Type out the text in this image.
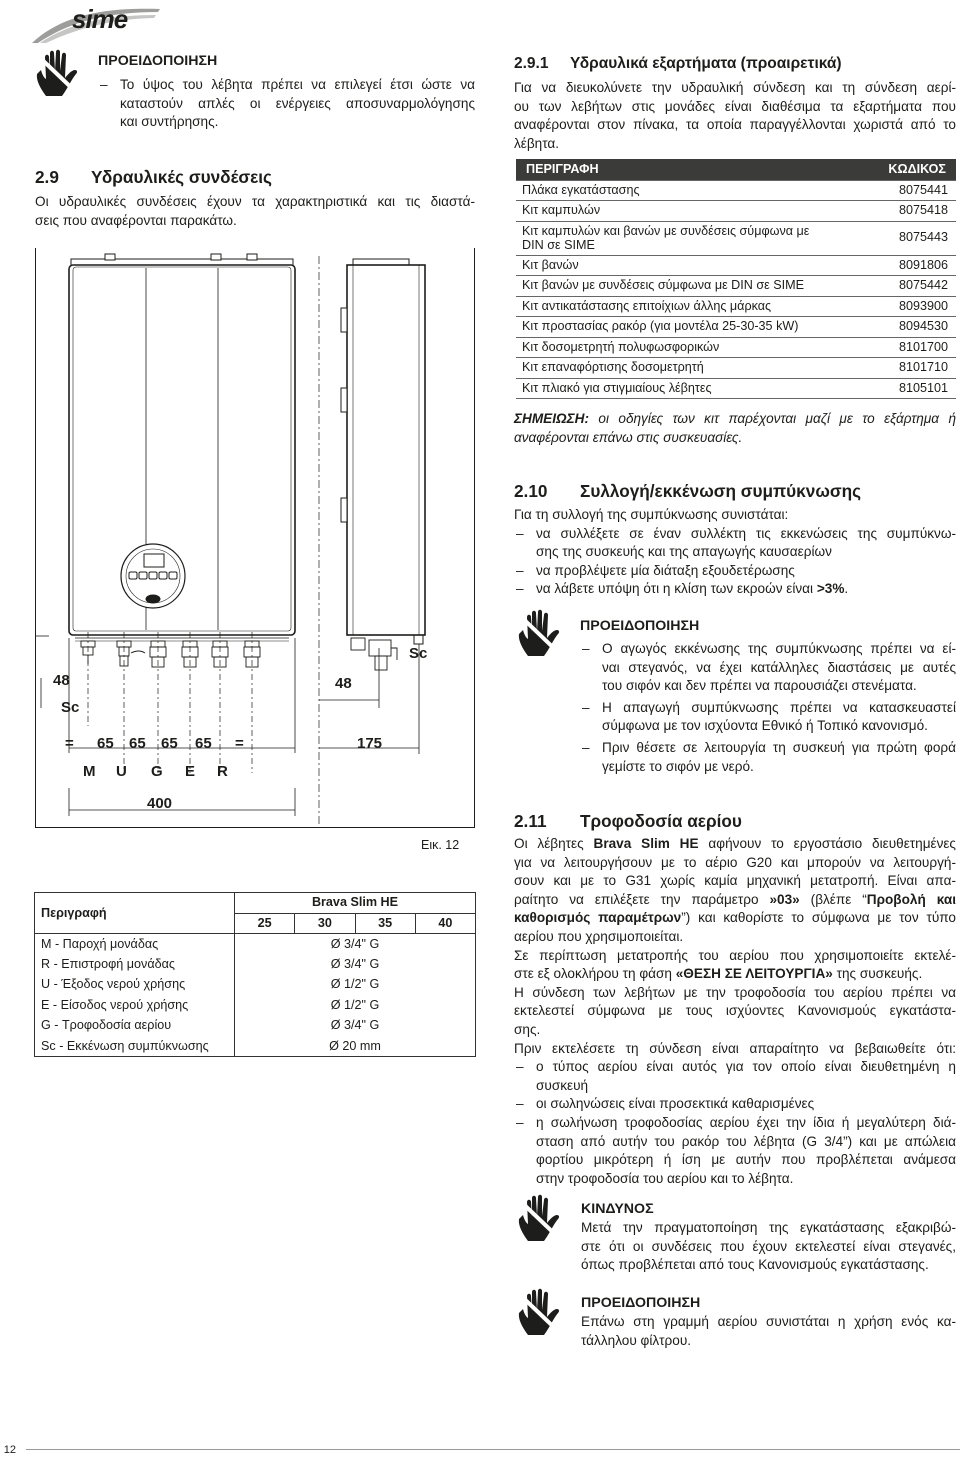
sime
ΠΡΟΕΙΔΟΠΟΙΗΣΗ
– Το ύψος του λέβητα πρέπει να επιλεγεί έτσι ώστε να
καταστούν απλές οι ενέργειες αποσυναρμολόγησης
και συντήρησης.
2.9 Υδραυλικές συνδέσεις
Οι υδραυλικές συνδέσεις έχουν τα χαρακτηριστικά και τις διαστά-
σεις που αναφέρονται παρακάτω.
48
Sc
= 65 65 65 65 =
M U G E R
400
48
Sc
175
Εικ. 12
Περιγραφή	Brava Slim HE			
	25	30	35	40
M - Παροχή μονάδας	Ø 3/4" G			
R - Επιστροφή μονάδας	Ø 3/4" G			
U - Έξοδος νερού χρήσης	Ø 1/2" G			
E - Είσοδος νερού χρήσης	Ø 1/2" G			
G - Τροφοδοσία αερίου	Ø 3/4" G			
Sc - Εκκένωση συμπύκνωσης	Ø 20 mm			
2.9.1 Υδραυλικά εξαρτήματα (προαιρετικά)
Για να διευκολύνετε την υδραυλική σύνδεση και τη σύνδεση αερί-
ου των λεβήτων στις μονάδες είναι διαθέσιμα τα εξαρτήματα που
αναφέρονται στον πίνακα, τα οποία παραγγέλλονται χωριστά από το
λέβητα.
ΠΕΡΙΓΡΑΦΗ	ΚΩΔΙΚΟΣ
Πλάκα εγκατάστασης	8075441
Κιτ καμπυλών	8075418
Κιτ καμπυλών και βανών με συνδέσεις σύμφωνα με DIN σε SIME	8075443
Κιτ βανών	8091806
Κιτ βανών με συνδέσεις σύμφωνα με DIN σε SIME	8075442
Κιτ αντικατάστασης επιτοίχιων άλλης μάρκας	8093900
Κιτ προστασίας ρακόρ (για μοντέλα 25-30-35 kW)	8094530
Κιτ δοσομετρητή πολυφωσφορικών	8101700
Κιτ επαναφόρτισης δοσομετρητή	8101710
Κιτ πλιακό για στιγμιαίους λέβητες	8105101
ΣΗΜΕΙΩΣΗ: οι οδηγίες των κιτ παρέχονται μαζί με το εξάρτημα ή
αναφέρονται επάνω στις συσκευασίες.
2.10 Συλλογή/εκκένωση συμπύκνωσης
Για τη συλλογή της συμπύκνωσης συνιστάται:
– να συλλέξετε σε έναν συλλέκτη τις εκκενώσεις της συμπύκνω-
σης της συσκευής και της απαγωγής καυσαερίων
– να προβλέψετε μία διάταξη εξουδετέρωσης
– να λάβετε υπόψη ότι η κλίση των εκροών είναι >3%.
ΠΡΟΕΙΔΟΠΟΙΗΣΗ
– Ο αγωγός εκκένωσης της συμπύκνωσης πρέπει να εί-
ναι στεγανός, να έχει κατάλληλες διαστάσεις με αυτές
του σιφόν και δεν πρέπει να παρουσιάζει στενέματα.
– Η απαγωγή συμπύκνωσης πρέπει να κατασκευαστεί
σύμφωνα με τον ισχύοντα Εθνικό ή Τοπικό κανονισμό.
– Πριν θέσετε σε λειτουργία τη συσκευή για πρώτη φορά
γεμίστε το σιφόν με νερό.
2.11 Τροφοδοσία αερίου
Οι λέβητες Brava Slim HE αφήνουν το εργοστάσιο διευθετημένες
για να λειτουργήσουν με το αέριο G20 και μπορούν να λειτουργή-
σουν και με το G31 χωρίς καμία μηχανική μετατροπή. Είναι απα-
ραίτητο να επιλέξετε την παράμετρο »03» (βλέπε “Προβολή και
καθορισμός παραμέτρων”) και καθορίστε το σύμφωνα με τον τύπο
αερίου που χρησιμοποιείται.
Σε περίπτωση μετατροπής του αερίου που χρησιμοποιείτε εκτελέ-
στε εξ ολοκλήρου τη φάση «ΘΕΣΗ ΣΕ ΛΕΙΤΟΥΡΓΙΑ» της συσκευής.
Η σύνδεση των λεβήτων με την τροφοδοσία του αερίου πρέπει να
εκτελεστεί σύμφωνα με τους ισχύοντες Κανονισμούς εγκατάστα-
σης.
Πριν εκτελέσετε τη σύνδεση είναι απαραίτητο να βεβαιωθείτε ότι:
– ο τύπος αερίου είναι αυτός για τον οποίο είναι διευθετημένη η
συσκευή
– οι σωληνώσεις είναι προσεκτικά καθαρισμένες
– η σωλήνωση τροφοδοσίας αερίου έχει την ίδια ή μεγαλύτερη διά-
σταση από αυτήν του ρακόρ του λέβητα (G 3/4”) και με απώλεια
φορτίου μικρότερη ή ίση με αυτήν που προβλέπεται ανάμεσα
στην τροφοδοσία του αερίου και το λέβητα.
ΚΙΝΔΥΝΟΣ
Μετά την πραγματοποίηση της εγκατάστασης εξακριβώ-
στε ότι οι συνδέσεις που έχουν εκτελεστεί είναι στεγανές,
όπως προβλέπεται από τους Κανονισμούς εγκατάστασης.
ΠΡΟΕΙΔΟΠΟΙΗΣΗ
Επάνω στη γραμμή αερίου συνιστάται η χρήση ενός κα-
τάλληλου φίλτρου.
12
